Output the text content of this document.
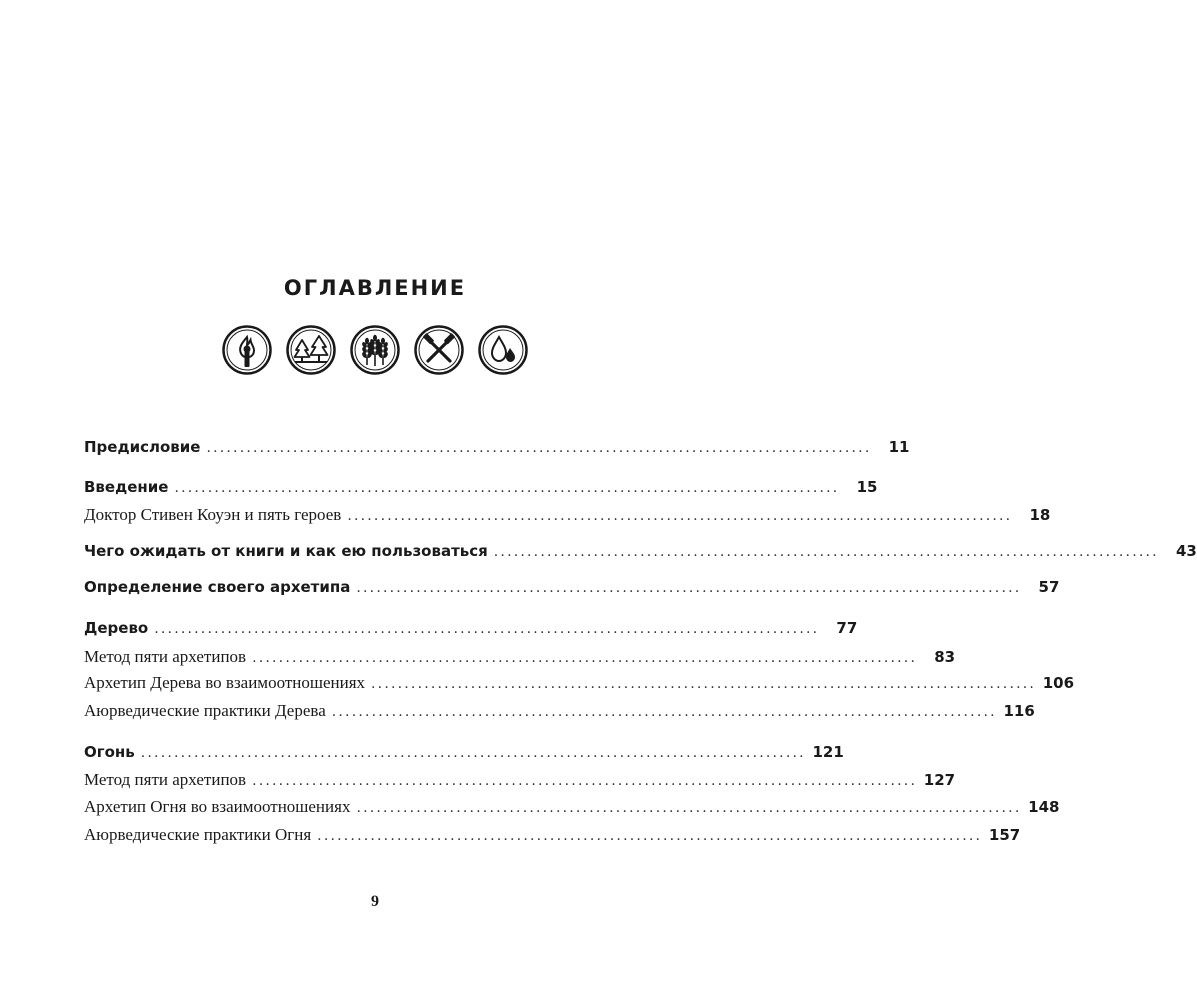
ОГЛАВЛЕНИЕ
Предисловие ....................................................................................................	11
Введение ....................................................................................................	15
Доктор Стивен Коуэн и пять героев ....................................................................................................	18
Чего ожидать от книги и как ею пользоваться ....................................................................................................	43
Определение своего архетипа ....................................................................................................	57
Дерево ....................................................................................................	77
Метод пяти архетипов ....................................................................................................	83
Архетип Дерева во взаимоотношениях .................................................................................................... 106
Аюрведические практики Дерева .................................................................................................... 116
Огонь .................................................................................................... 121
Метод пяти архетипов .................................................................................................... 127
Архетип Огня во взаимоотношениях .................................................................................................... 148
Аюрведические практики Огня .................................................................................................... 157
9
